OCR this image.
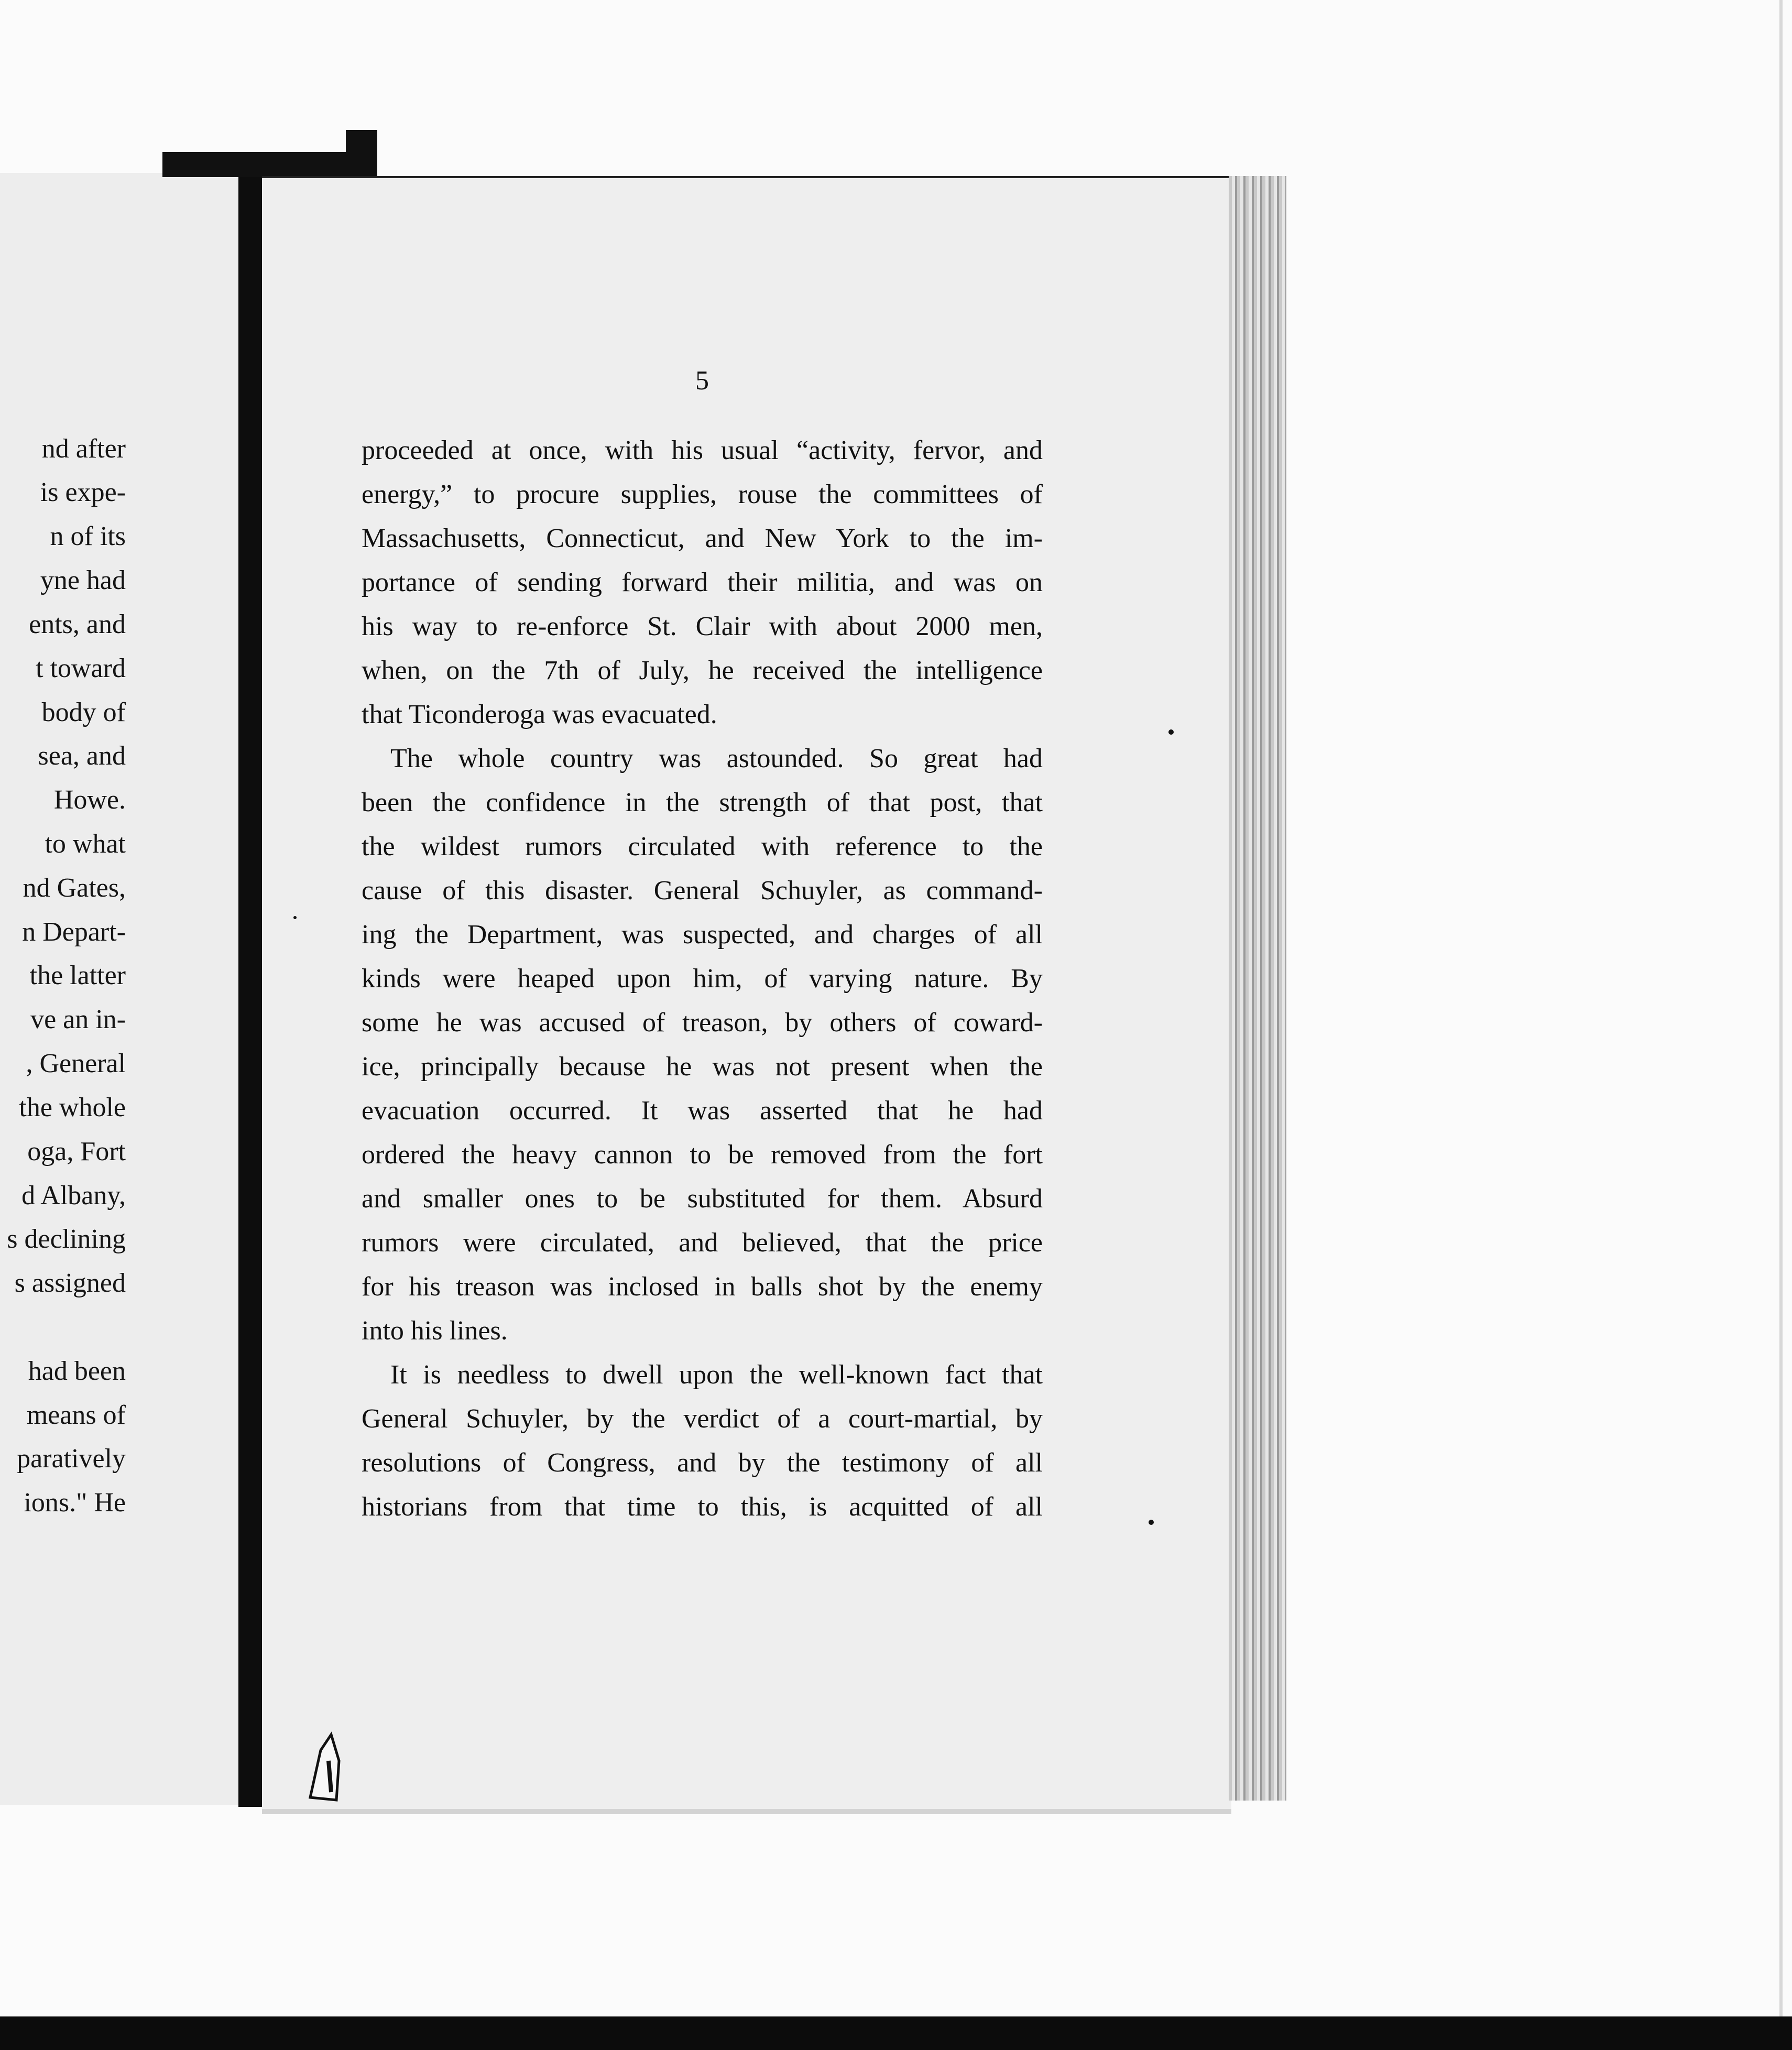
nd after
is expe-
n of its
yne had
ents, and
t toward
body of
sea, and
Howe.
to what
nd Gates,
n Depart-
the latter
ve an in-
, General
the whole
oga, Fort
d Albany,
s declining
s assigned
had been
means of
paratively
ions." He
5
proceeded at once, with his usual “activity, fervor, and
energy,” to procure supplies, rouse the committees of
Massachusetts, Connecticut, and New York to the im-
portance of sending forward their militia, and was on
his way to re-enforce St. Clair with about 2000 men,
when, on the 7th of July, he received the intelligence
that Ticonderoga was evacuated.
The whole country was astounded. So great had
been the confidence in the strength of that post, that
the wildest rumors circulated with reference to the
cause of this disaster. General Schuyler, as command-
ing the Department, was suspected, and charges of all
kinds were heaped upon him, of varying nature. By
some he was accused of treason, by others of coward-
ice, principally because he was not present when the
evacuation occurred. It was asserted that he had
ordered the heavy cannon to be removed from the fort
and smaller ones to be substituted for them. Absurd
rumors were circulated, and believed, that the price
for his treason was inclosed in balls shot by the enemy
into his lines.
It is needless to dwell upon the well-known fact that
General Schuyler, by the verdict of a court-martial, by
resolutions of Congress, and by the testimony of all
historians from that time to this, is acquitted of all
